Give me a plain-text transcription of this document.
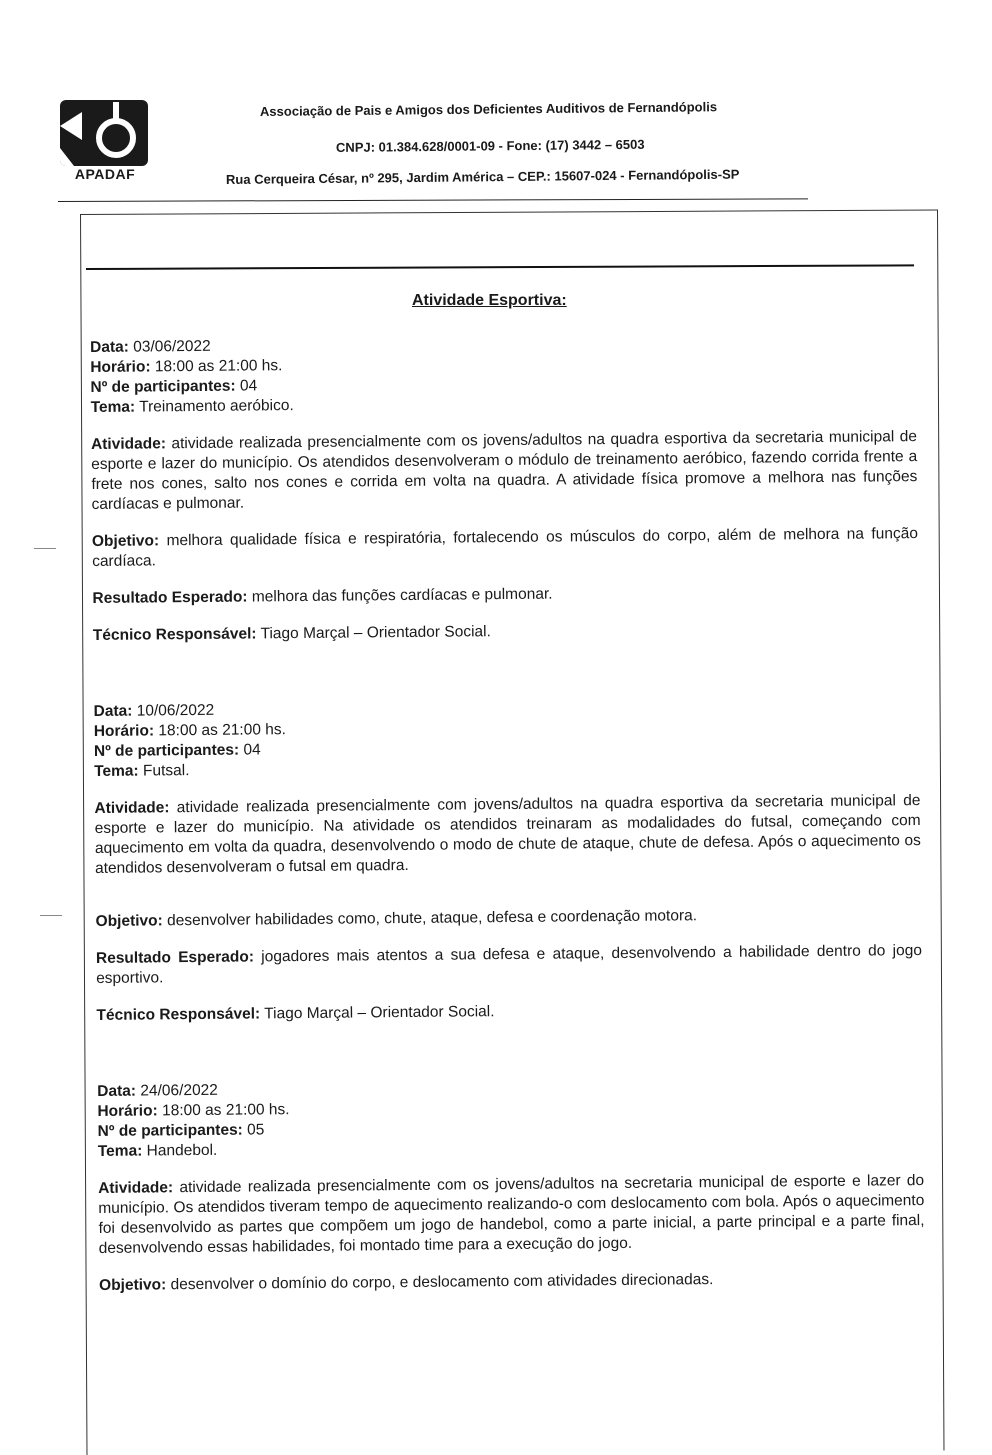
A
APADAF
Associação de Pais e Amigos dos Deficientes Auditivos de Fernandópolis
CNPJ: 01.384.628/0001-09 - Fone: (17) 3442 – 6503
Rua Cerqueira César, nº 295, Jardim América – CEP.: 15607-024 - Fernandópolis-SP
Atividade Esportiva:
Data: 03/06/2022
Horário: 18:00 as 21:00 hs.
Nº de participantes: 04
Tema: Treinamento aeróbico.

Atividade: atividade realizada presencialmente com os jovens/adultos na quadra esportiva da secretaria municipal de esporte e lazer do município. Os atendidos desenvolveram o módulo de treinamento aeróbico, fazendo corrida frente a frete nos cones, salto nos cones e corrida em volta na quadra. A atividade física promove a melhora nas funções cardíacas e pulmonar.

Objetivo: melhora qualidade física e respiratória, fortalecendo os músculos do corpo, além de melhora na função cardíaca.

Resultado Esperado: melhora das funções cardíacas e pulmonar.

Técnico Responsável: Tiago Marçal – Orientador Social.

Data: 10/06/2022
Horário: 18:00 as 21:00 hs.
Nº de participantes: 04
Tema: Futsal.

Atividade: atividade realizada presencialmente com jovens/adultos na quadra esportiva da secretaria municipal de esporte e lazer do município. Na atividade os atendidos treinaram as modalidades do futsal, começando com aquecimento em volta da quadra, desenvolvendo o modo de chute de ataque, chute de defesa. Após o aquecimento os atendidos desenvolveram o futsal em quadra.

Objetivo: desenvolver habilidades como, chute, ataque, defesa e coordenação motora.

Resultado Esperado: jogadores mais atentos a sua defesa e ataque, desenvolvendo a habilidade dentro do jogo esportivo.

Técnico Responsável: Tiago Marçal – Orientador Social.

Data: 24/06/2022
Horário: 18:00 as 21:00 hs.
Nº de participantes: 05
Tema: Handebol.

Atividade: atividade realizada presencialmente com os jovens/adultos na secretaria municipal de esporte e lazer do município. Os atendidos tiveram tempo de aquecimento realizando-o com deslocamento com bola. Após o aquecimento foi desenvolvido as partes que compõem um jogo de handebol, como a parte inicial, a parte principal e a parte final, desenvolvendo essas habilidades, foi montado time para a execução do jogo.

Objetivo: desenvolver o domínio do corpo, e deslocamento com atividades direcionadas.
